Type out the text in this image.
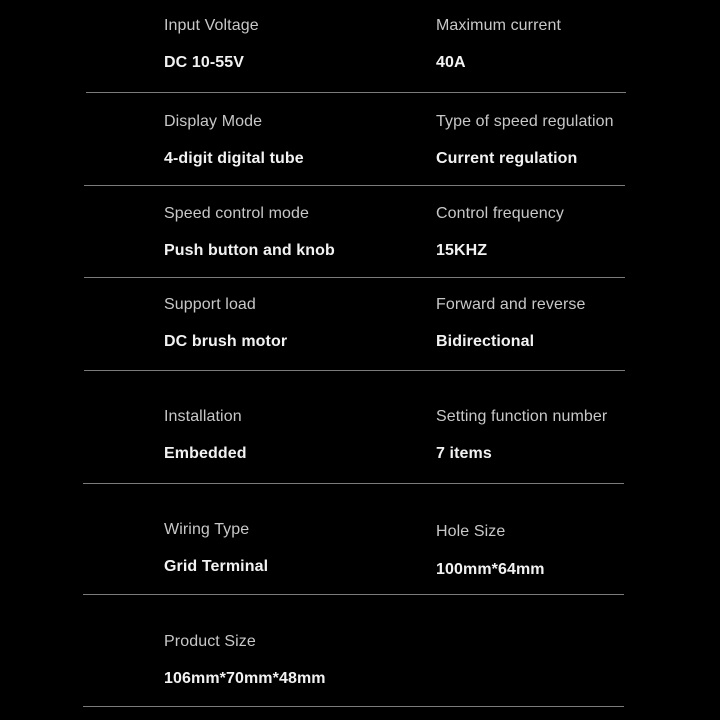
Input Voltage
DC 10-55V
Maximum current
40A
Display Mode
4-digit digital tube
Type of speed regulation
Current regulation
Speed control mode
Push button and knob
Control frequency
15KHZ
Support load
DC brush motor
Forward and reverse
Bidirectional
Installation
Embedded
Setting function number
7 items
Wiring Type
Grid Terminal
Hole Size
100mm*64mm
Product Size
106mm*70mm*48mm
